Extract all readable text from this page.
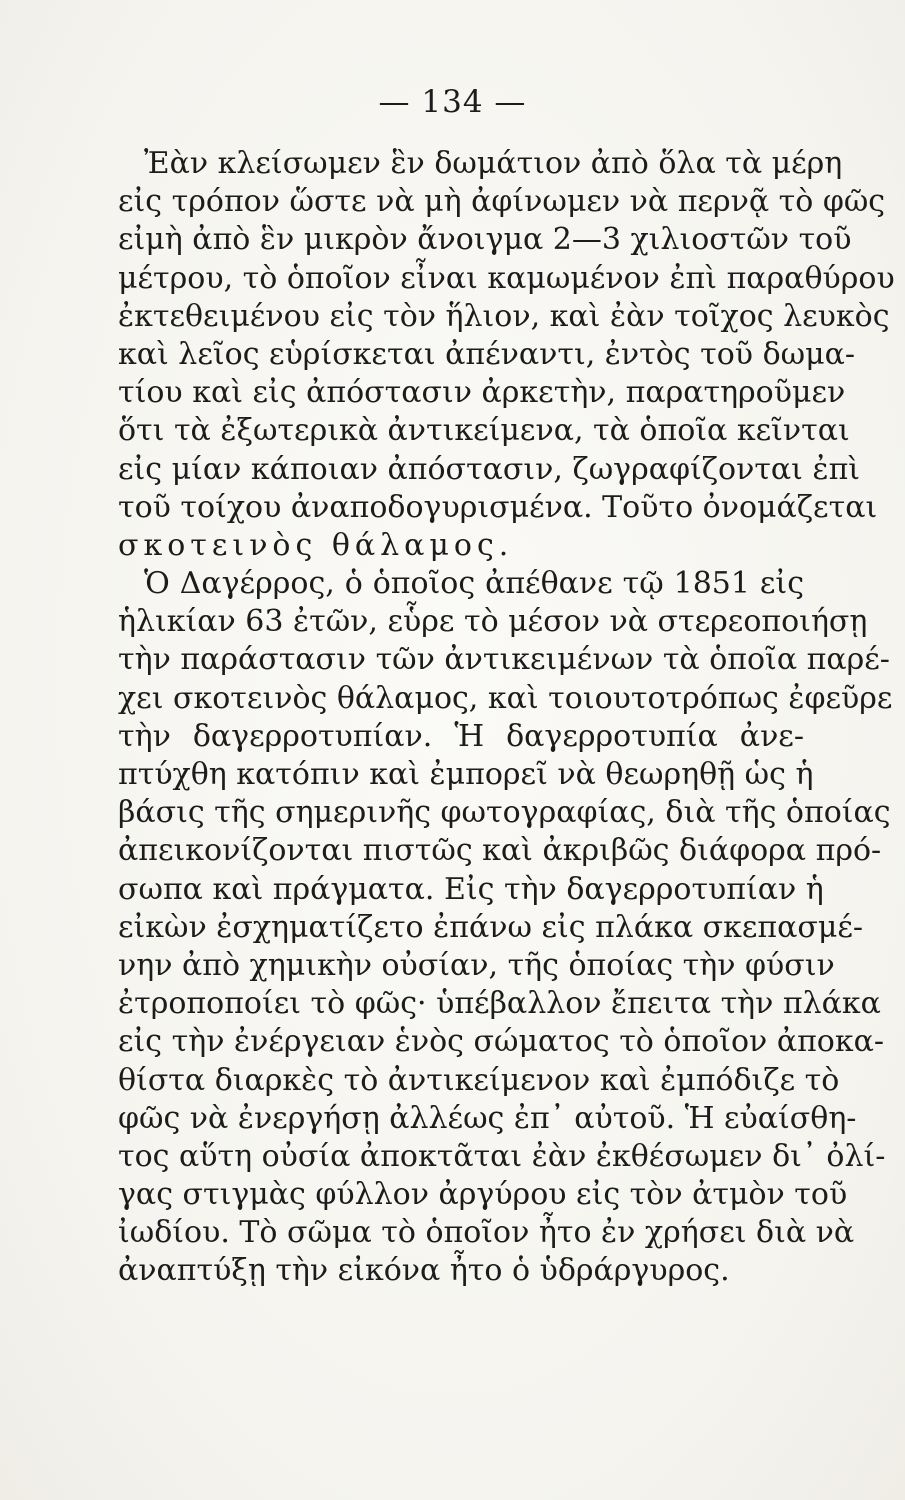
— 134 —
Ἐὰν κλείσωμεν ἓν δωμάτιον ἀπὸ ὅλα τὰ μέρη
εἰς τρόπον ὥστε νὰ μὴ ἀφίνωμεν νὰ περνᾷ τὸ φῶς
εἰμὴ ἀπὸ ἓν μικρὸν ἄνοιγμα 2—3 χιλιοστῶν τοῦ
μέτρου, τὸ ὁποῖον εἶναι καμωμένον ἐπὶ παραθύρου
ἐκτεθειμένου εἰς τὸν ἥλιον, καὶ ἐὰν τοῖχος λευκὸς
καὶ λεῖος εὑρίσκεται ἀπέναντι, ἐντὸς τοῦ δωμα-
τίου καὶ εἰς ἀπόστασιν ἀρκετὴν, παρατηροῦμεν
ὅτι τὰ ἐξωτερικὰ ἀντικείμενα, τὰ ὁποῖα κεῖνται
εἰς μίαν κάποιαν ἀπόστασιν, ζωγραφίζονται ἐπὶ
τοῦ τοίχου ἀναποδογυρισμένα. Τοῦτο ὀνομάζεται
σκοτεινὸς θάλαμος.
Ὁ Δαγέρρος, ὁ ὁποῖος ἀπέθανε τῷ 1851 εἰς
ἡλικίαν 63 ἐτῶν, εὗρε τὸ μέσον νὰ στερεοποιήσῃ
τὴν παράστασιν τῶν ἀντικειμένων τὰ ὁποῖα παρέ-
χει σκοτεινὸς θάλαμος, καὶ τοιουτοτρόπως ἐφεῦρε
τὴν δαγερροτυπίαν. Ἡ δαγερροτυπία ἀνε-
πτύχθη κατόπιν καὶ ἐμπορεῖ νὰ θεωρηθῇ ὡς ἡ
βάσις τῆς σημερινῆς φωτογραφίας, διὰ τῆς ὁποίας
ἀπεικονίζονται πιστῶς καὶ ἀκριβῶς διάφορα πρό-
σωπα καὶ πράγματα. Εἰς τὴν δαγερροτυπίαν ἡ
εἰκὼν ἐσχηματίζετο ἐπάνω εἰς πλάκα σκεπασμέ-
νην ἀπὸ χημικὴν οὐσίαν, τῆς ὁποίας τὴν φύσιν
ἐτροποποίει τὸ φῶς· ὑπέβαλλον ἔπειτα τὴν πλάκα
εἰς τὴν ἐνέργειαν ἑνὸς σώματος τὸ ὁποῖον ἀποκα-
θίστα διαρκὲς τὸ ἀντικείμενον καὶ ἐμπόδιζε τὸ
φῶς νὰ ἐνεργήσῃ ἀλλέως ἐπ᾽ αὐτοῦ. Ἡ εὐαίσθη-
τος αὕτη οὐσία ἀποκτᾶται ἐὰν ἐκθέσωμεν δι᾽ ὀλί-
γας στιγμὰς φύλλον ἀργύρου εἰς τὸν ἀτμὸν τοῦ
ἰωδίου. Τὸ σῶμα τὸ ὁποῖον ἦτο ἐν χρήσει διὰ νὰ
ἀναπτύξῃ τὴν εἰκόνα ἦτο ὁ ὑδράργυρος.
